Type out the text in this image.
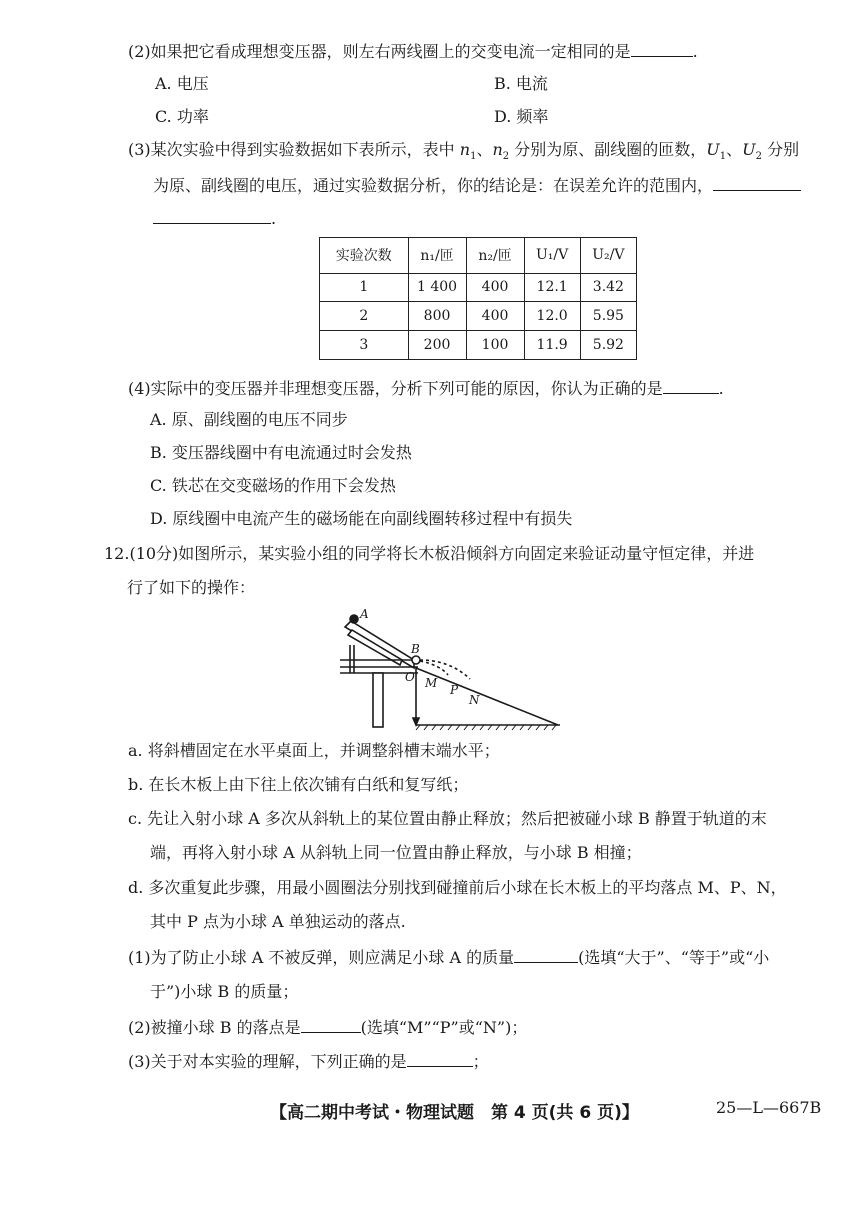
(2)如果把它看成理想变压器，则左右两线圈上的交变电流一定相同的是	.
A. 电压	B. 电流
C. 功率	D. 频率
(3)某次实验中得到实验数据如下表所示，表中 $n_1$、$n_2$ 分别为原、副线圈的匝数，$U_1$、$U_2$ 分别
为原、副线圈的电压，通过实验数据分析，你的结论是：在误差允许的范围内，
.
实验次数	n₁/匝	n₂/匝	U₁/V	U₂/V
1	1 400	400	12.1	3.42
2	800	400	12.0	5.95
3	200	100	11.9	5.92
(4)实际中的变压器并非理想变压器，分析下列可能的原因，你认为正确的是	.
A. 原、副线圈的电压不同步
B. 变压器线圈中有电流通过时会发热
C. 铁芯在交变磁场的作用下会发热
D. 原线圈中电流产生的磁场能在向副线圈转移过程中有损失
12.(10分)如图所示，某实验小组的同学将长木板沿倾斜方向固定来验证动量守恒定律，并进
行了如下的操作：
A
B
O M P
N
a. 将斜槽固定在水平桌面上，并调整斜槽末端水平；
b. 在长木板上由下往上依次铺有白纸和复写纸；
c. 先让入射小球 A 多次从斜轨上的某位置由静止释放；然后把被碰小球 B 静置于轨道的末
端，再将入射小球 A 从斜轨上同一位置由静止释放，与小球 B 相撞；
d. 多次重复此步骤，用最小圆圈法分别找到碰撞前后小球在长木板上的平均落点 M、P、N，
其中 P 点为小球 A 单独运动的落点.
(1)为了防止小球 A 不被反弹，则应满足小球 A 的质量	(选填“大于”、“等于”或“小
于”)小球 B 的质量；
(2)被撞小球 B 的落点是	(选填“M”“P”或“N”)；
(3)关于对本实验的理解，下列正确的是	；
【高二期中考试・物理试题　第 4 页(共 6 页)】	25—L—667B
